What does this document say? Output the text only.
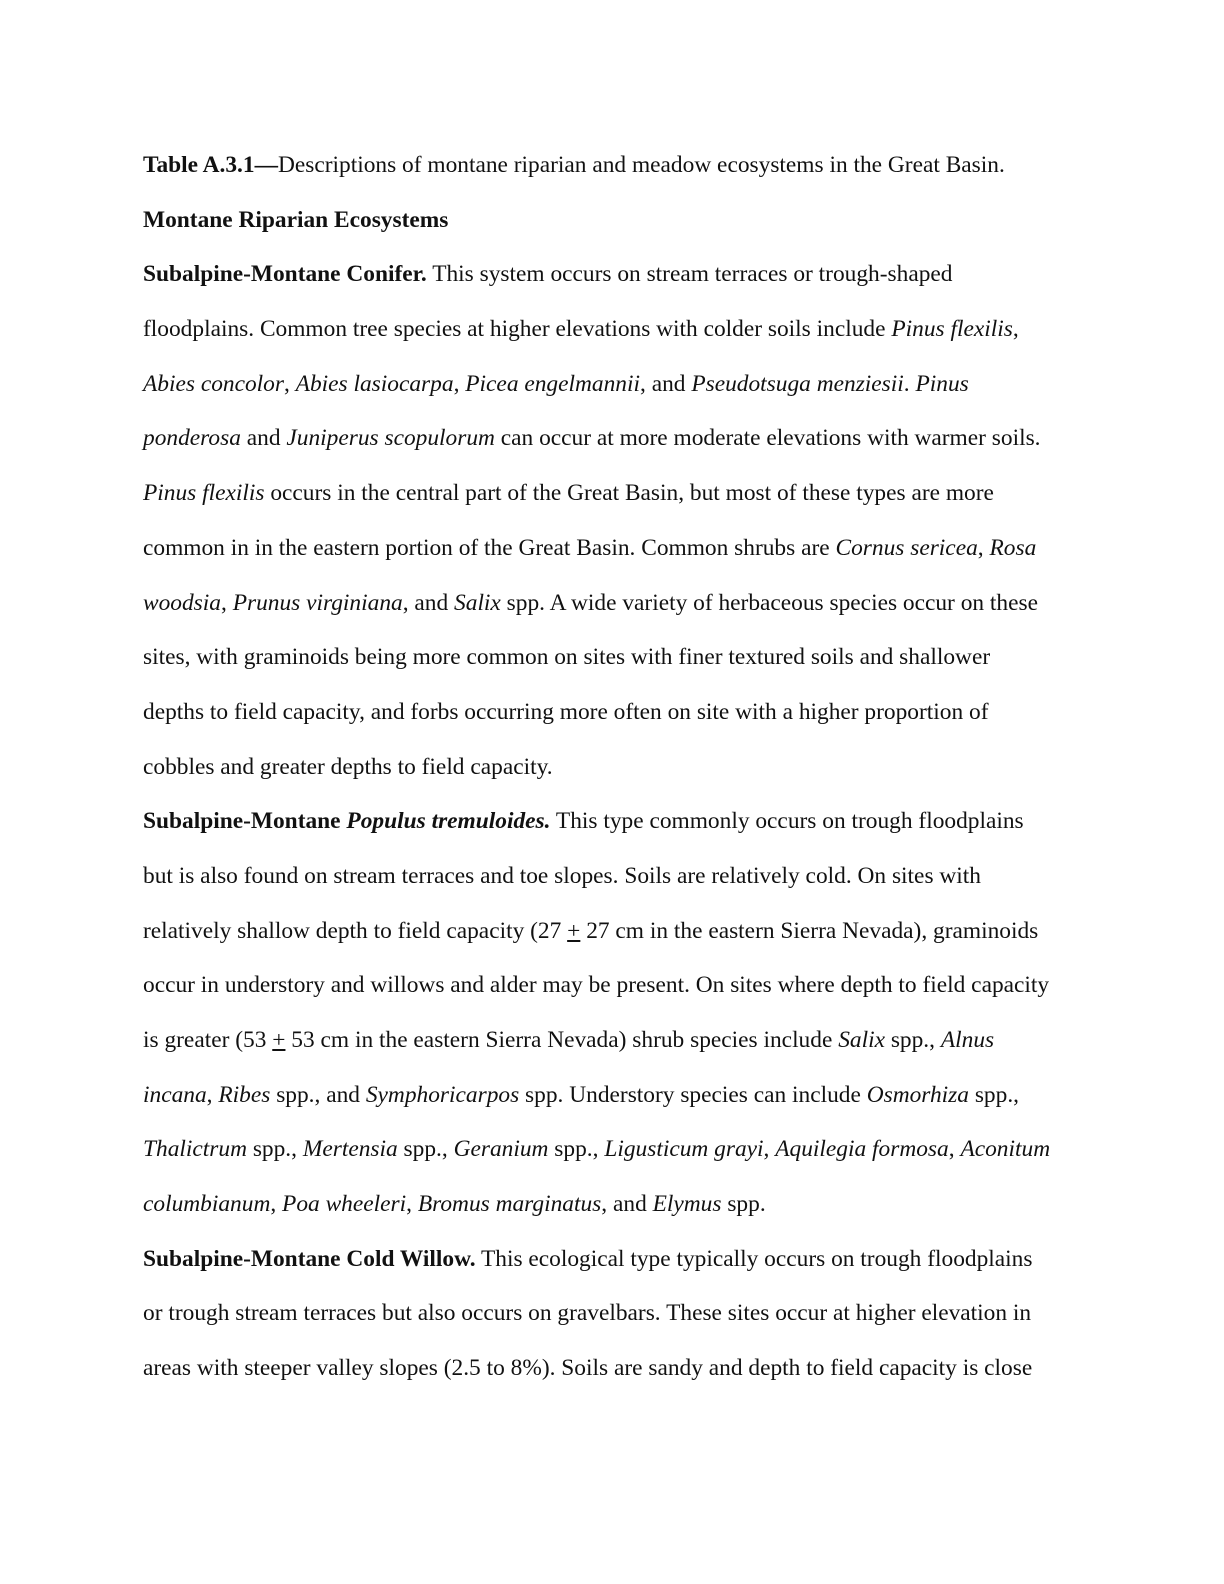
Table A.3.1—Descriptions of montane riparian and meadow ecosystems in the Great Basin.
Montane Riparian Ecosystems
Subalpine-Montane Conifer. This system occurs on stream terraces or trough-shaped
floodplains. Common tree species at higher elevations with colder soils include Pinus flexilis,
Abies concolor, Abies lasiocarpa, Picea engelmannii, and Pseudotsuga menziesii. Pinus
ponderosa and Juniperus scopulorum can occur at more moderate elevations with warmer soils.
Pinus flexilis occurs in the central part of the Great Basin, but most of these types are more
common in in the eastern portion of the Great Basin. Common shrubs are Cornus sericea, Rosa
woodsia, Prunus virginiana, and Salix spp. A wide variety of herbaceous species occur on these
sites, with graminoids being more common on sites with finer textured soils and shallower
depths to field capacity, and forbs occurring more often on site with a higher proportion of
cobbles and greater depths to field capacity.
Subalpine-Montane Populus tremuloides. This type commonly occurs on trough floodplains
but is also found on stream terraces and toe slopes. Soils are relatively cold. On sites with
relatively shallow depth to field capacity (27 + 27 cm in the eastern Sierra Nevada), graminoids
occur in understory and willows and alder may be present. On sites where depth to field capacity
is greater (53 + 53 cm in the eastern Sierra Nevada) shrub species include Salix spp., Alnus
incana, Ribes spp., and Symphoricarpos spp. Understory species can include Osmorhiza spp.,
Thalictrum spp., Mertensia spp., Geranium spp., Ligusticum grayi, Aquilegia formosa, Aconitum
columbianum, Poa wheeleri, Bromus marginatus, and Elymus spp.
Subalpine-Montane Cold Willow. This ecological type typically occurs on trough floodplains
or trough stream terraces but also occurs on gravelbars. These sites occur at higher elevation in
areas with steeper valley slopes (2.5 to 8%). Soils are sandy and depth to field capacity is close
